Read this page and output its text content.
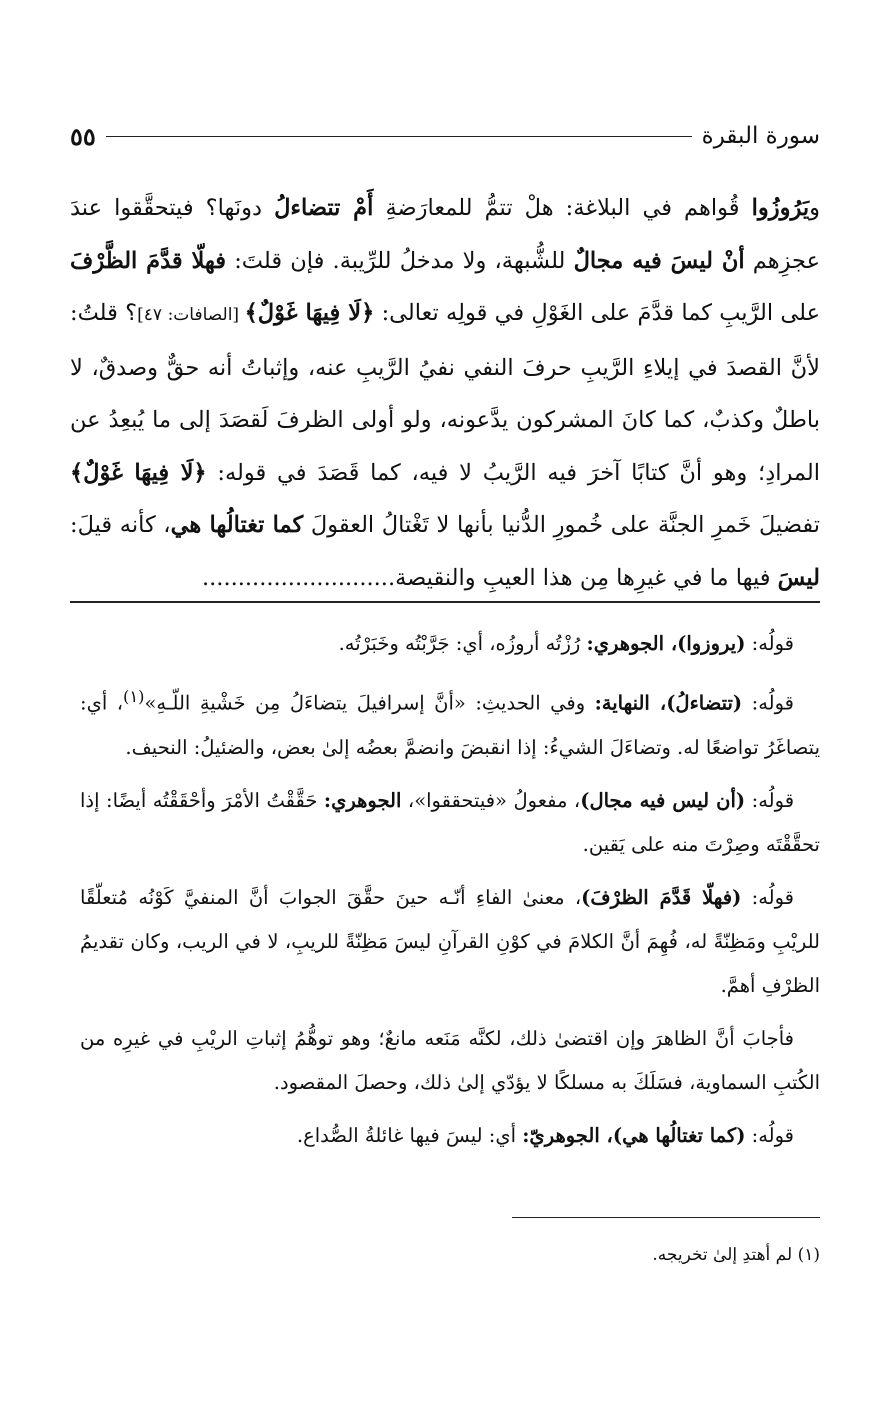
سورة البقرة
٥٥

ويَرُوزُوا قُواهم في البلاغة: هلْ تتمُّ للمعارَضةِ أَمْ تتضاءلُ دونَها؟ فيتحقَّقوا عندَ عجزِهم أنْ ليسَ فيه مجالٌ للشُّبهة، ولا مدخلُ للرِّيبة. فإن قلتَ: فهلّا قدَّمَ الظَّرْفَ على الرَّيبِ كما قدَّمَ على الغَوْلِ في قولِه تعالى: ﴿لَا فِيهَا غَوْلٌ﴾ [الصافات: ٤٧]؟ قلتُ: لأنَّ القصدَ في إيلاءِ الرَّيبِ حرفَ النفي نفيُ الرَّيبِ عنه، وإثباتُ أنه حقٌّ وصدقٌ، لا باطلٌ وكذبٌ، كما كانَ المشركون يدَّعونه، ولو أولى الظرفَ لَقصَدَ إلى ما يُبعِدُ عن المرادِ؛ وهو أنَّ كتابًا آخرَ فيه الرَّيبُ لا فيه، كما قَصَدَ في قوله: ﴿لَا فِيهَا غَوْلٌ﴾ تفضيلَ خَمرِ الجنَّة على خُمورِ الدُّنيا بأنها لا تَغْتالُ العقولَ كما تغتالُها هي، كأنه قيلَ: ليسَ فيها ما في غيرِها مِن هذا العيبِ والنقيصة...........................

قولُه: (يروزوا)، الجوهري: رُزْتُه أروزُه، أي: جَرَّبْتُه وخَبَرْتُه.

قولُه: (تتضاءلُ)، النهاية: وفي الحديثِ: «أنَّ إسرافيلَ يتضاءَلُ مِن خَشْيةِ اللّـهِ»$^{(١)}$، أي: يتصاغَرُ تواضعًا له. وتضاءَلَ الشيءُ: إذا انقبضَ وانضمَّ بعضُه إلىٰ بعض، والضئيلُ: النحيف.

قولُه: (أن ليس فيه مجال)، مفعولُ «فيتحققوا»، الجوهري: حَقَّقْتُ الأمْرَ وأحْقَقْتُه أيضًا: إذا تحقَّقْتَه وصِرْتَ منه على يَقين.

قولُه: (فهلّا قَدَّمَ الظرْفَ)، معنىٰ الفاءِ أنّـه حينَ حقَّقَ الجوابَ أنَّ المنفيَّ كَوْنُه مُتعلّقًا للريْبِ ومَظِنّةً له، فُهِمَ أنَّ الكلامَ في كوْنِ القرآنِ ليسَ مَظِنّةً للريبِ، لا في الريب، وكان تقديمُ الظرْفِ أهمَّ.

فأجابَ أنَّ الظاهرَ وإن اقتضىٰ ذلك، لكنَّه مَنَعه مانعٌ؛ وهو توهُّمُ إثباتِ الريْبِ في غيرِه من الكُتبِ السماوية، فسَلَكَ به مسلكًا لا يؤدّي إلىٰ ذلك، وحصلَ المقصود.

قولُه: (كما تغتالُها هي)، الجوهريّ: أي: ليسَ فيها غائلةُ الصُّداع.

(١) لم أهتدِ إلىٰ تخريجه.
